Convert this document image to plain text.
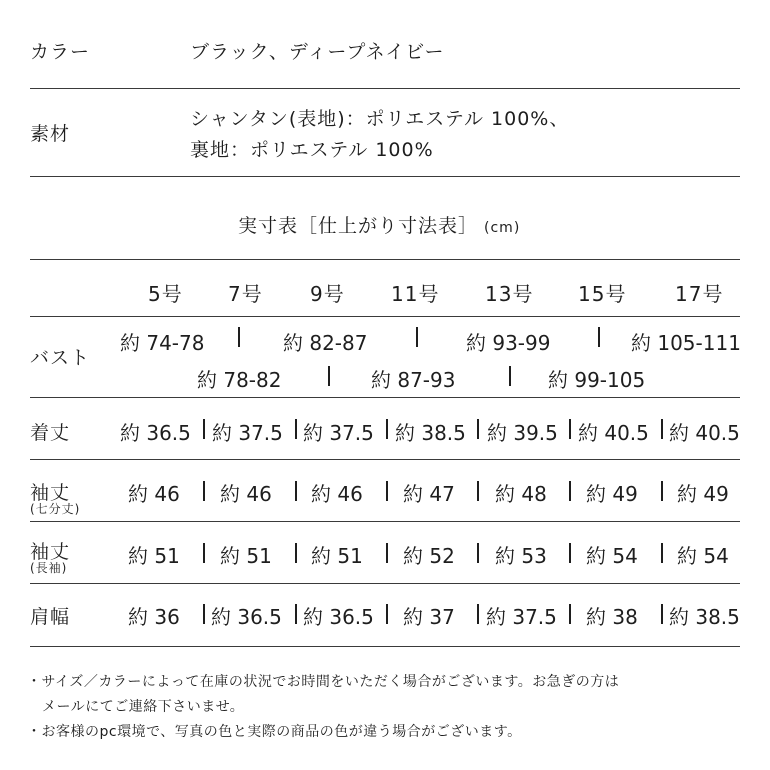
カラー	ブラック、ディープネイビー
素材
シャンタン(表地)：ポリエステル 100%、
裏地：ポリエステル 100%
実寸表［仕上がり寸法表］ (cm)
5号 7号 9号 11号 13号 15号 17号
バスト
約 74-78	約 82-87	約 93-99	約 105-111
約 78-82	約 87-93	約 99-105
着丈 約 36.5 約 37.5 約 37.5 約 38.5 約 39.5 約 40.5 約 40.5
袖丈
(七分丈)
約 46 約 46 約 46 約 47 約 48 約 49 約 49
袖丈
(長袖)	約 51 約 51 約 51 約 52 約 53 約 54 約 54
肩幅	約 36 約 36.5 約 36.5 約 37 約 37.5 約 38 約 38.5
・サイズ／カラーによって在庫の状況でお時間をいただく場合がございます。お急ぎの方は
メールにてご連絡下さいませ。
・お客様のpc環境で、写真の色と実際の商品の色が違う場合がございます。
